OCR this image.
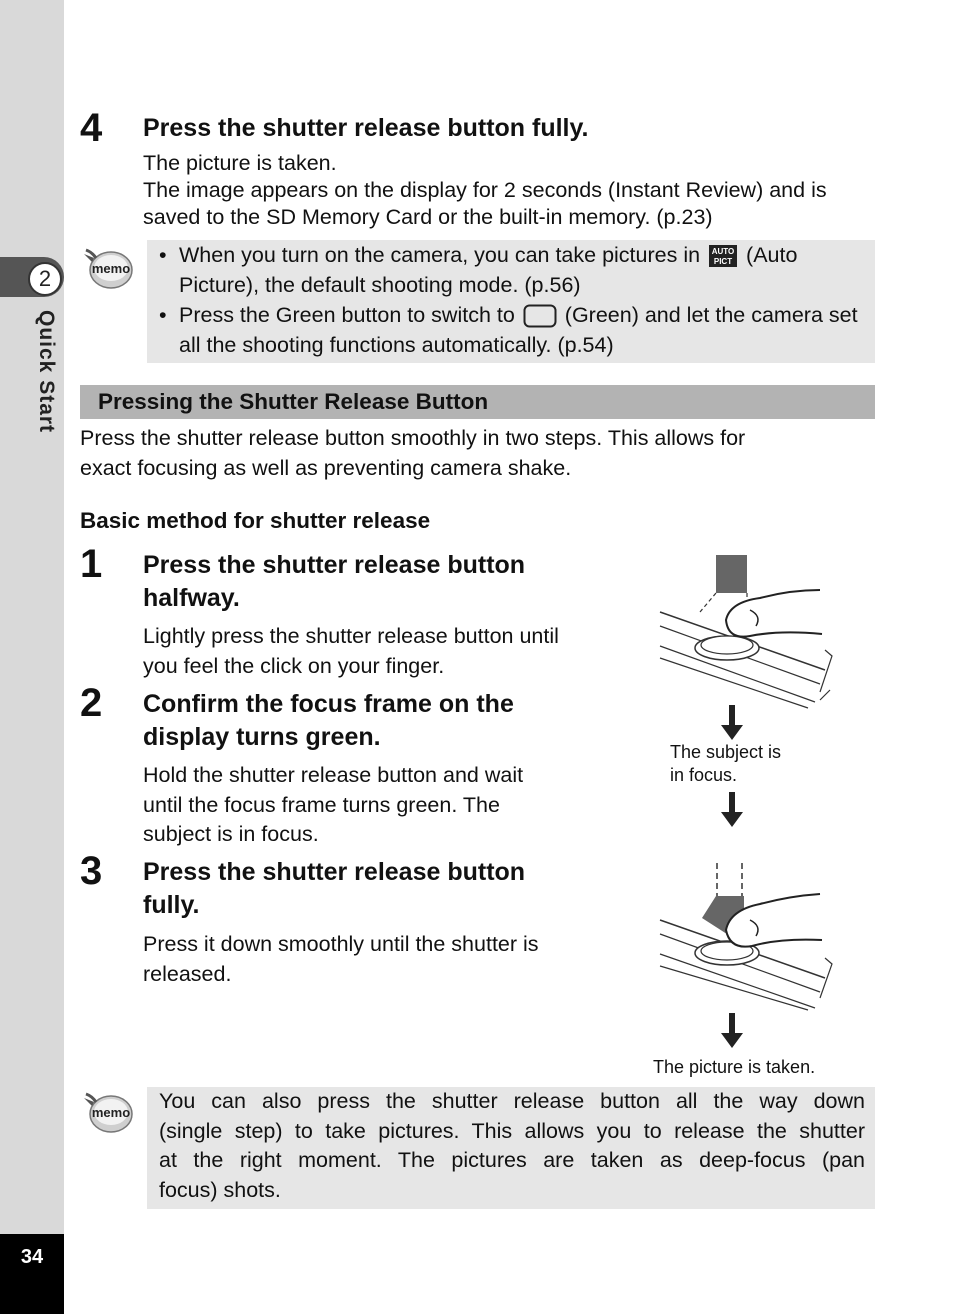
2
Quick Start
34
4 Press the shutter release button fully.

The picture is taken.

The image appears on the display for 2 seconds (Instant Review) and is

saved to the SD Memory Card or the built-in memory. (p.23)

memo
• When you turn on the camera, you can take pictures in AUTO
PICT (Auto Picture), the default shooting mode. (p.56)
• Press the Green button to switch to (Green) and let the camera set all the shooting functions automatically. (p.54)
Pressing the Shutter Release Button
Press the shutter release button smoothly in two steps. This allows for
exact focusing as well as preventing camera shake.
Basic method for shutter release
1 Press the shutter release button
halfway.
Lightly press the shutter release button until
you feel the click on your finger.
2 Confirm the focus frame on the
display turns green.
Hold the shutter release button and wait
until the focus frame turns green. The
subject is in focus.
3 Press the shutter release button
fully.
Press it down smoothly until the shutter is
released.
The subject is
in focus.
The picture is taken.
memo You can also press the shutter release button all the way down
(single step) to take pictures. This allows you to release the shutter
at the right moment. The pictures are taken as deep-focus (pan
focus) shots.
